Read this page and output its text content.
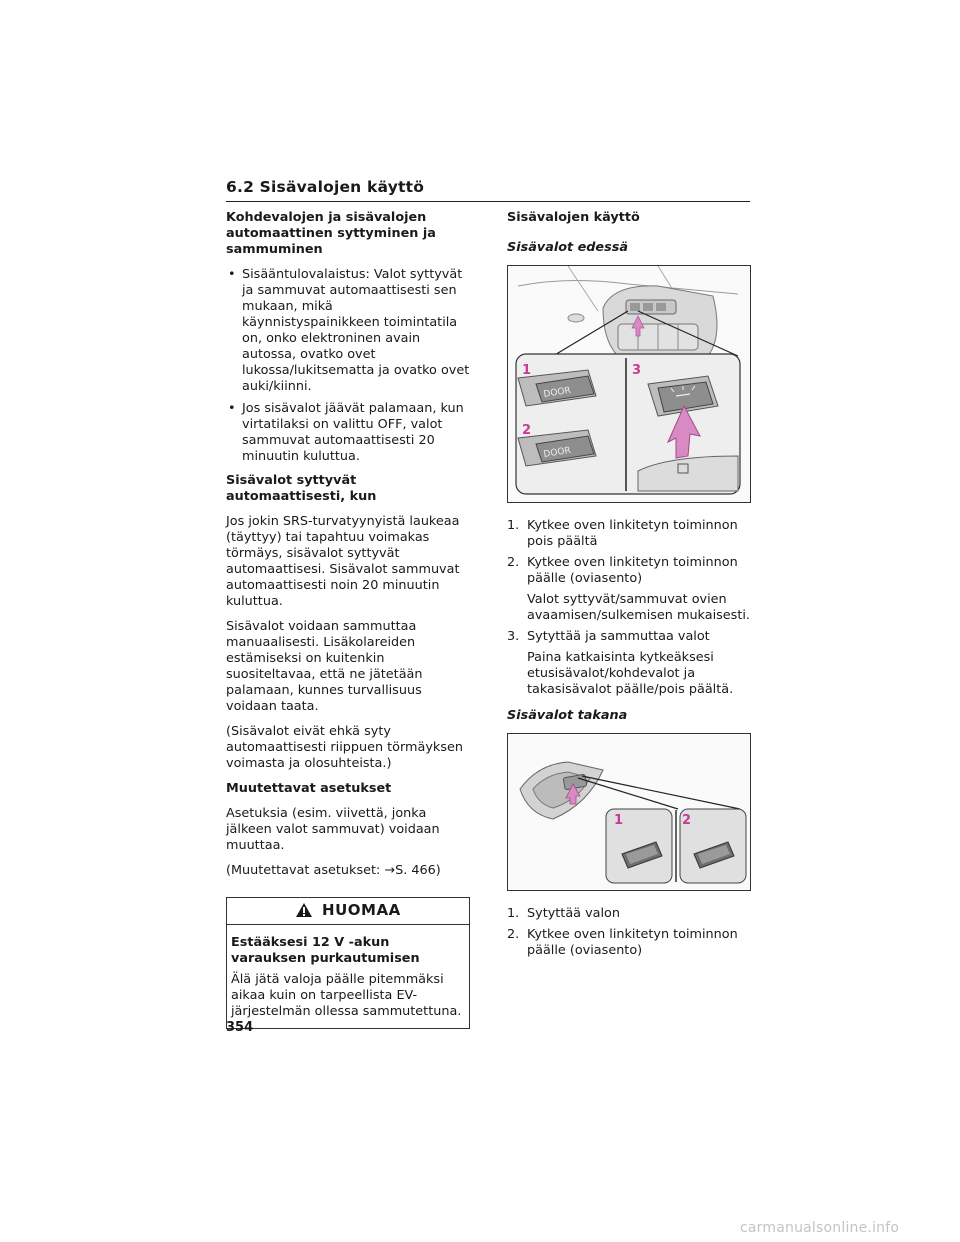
6.2 Sisävalojen käyttö

Kohdevalojen ja sisävalojen automaattinen syttyminen ja sammuminen

• Sisääntulovalaistus: Valot syttyvät ja sammuvat automaattisesti sen mukaan, mikä käynnistyspainikkeen toimintatila on, onko elektroninen avain autossa, ovatko ovet lukossa/lukitsematta ja ovatko ovet auki/kiinni.
• Jos sisävalot jäävät palamaan, kun virtatilaksi on valittu OFF, valot sammuvat automaattisesti 20 minuutin kuluttua.

Sisävalot syttyvät automaattisesti, kun

Jos jokin SRS-turvatyynyistä laukeaa (täyttyy) tai tapahtuu voimakas törmäys, sisävalot syttyvät automaattisesi. Sisävalot sammuvat automaattisesti noin 20 minuutin kuluttua.

Sisävalot voidaan sammuttaa manuaalisesti. Lisäkolareiden estämiseksi on kuitenkin suositeltavaa, että ne jätetään palamaan, kunnes turvallisuus voidaan taata.

(Sisävalot eivät ehkä syty automaattisesti riippuen törmäyksen voimasta ja olosuhteista.)

Muutettavat asetukset

Asetuksia (esim. viivettä, jonka jälkeen valot sammuvat) voidaan muuttaa.

(Muutettavat asetukset: →S. 466)

HUOMAA

Estääksesi 12 V -akun varauksen purkautumisen

Älä jätä valoja päälle pitemmäksi aikaa kuin on tarpeellista EV-järjestelmän ollessa sammutettuna.

Sisävalojen käyttö

Sisävalot edessä

DOOR
DOOR
1
2
3
1. Kytkee oven linkitetyn toiminnon pois päältä
2. Kytkee oven linkitetyn toiminnon päälle (oviasento)
Valot syttyvät/sammuvat ovien avaamisen/sulkemisen mukaisesti.
3. Sytyttää ja sammuttaa valot
Paina katkaisinta kytkeäksesi etusisävalot/kohdevalot ja takasisävalot päälle/pois päältä.

Sisävalot takana

1	2
1. Sytyttää valon
2. Kytkee oven linkitetyn toiminnon päälle (oviasento)
354
carmanualsonline.info
